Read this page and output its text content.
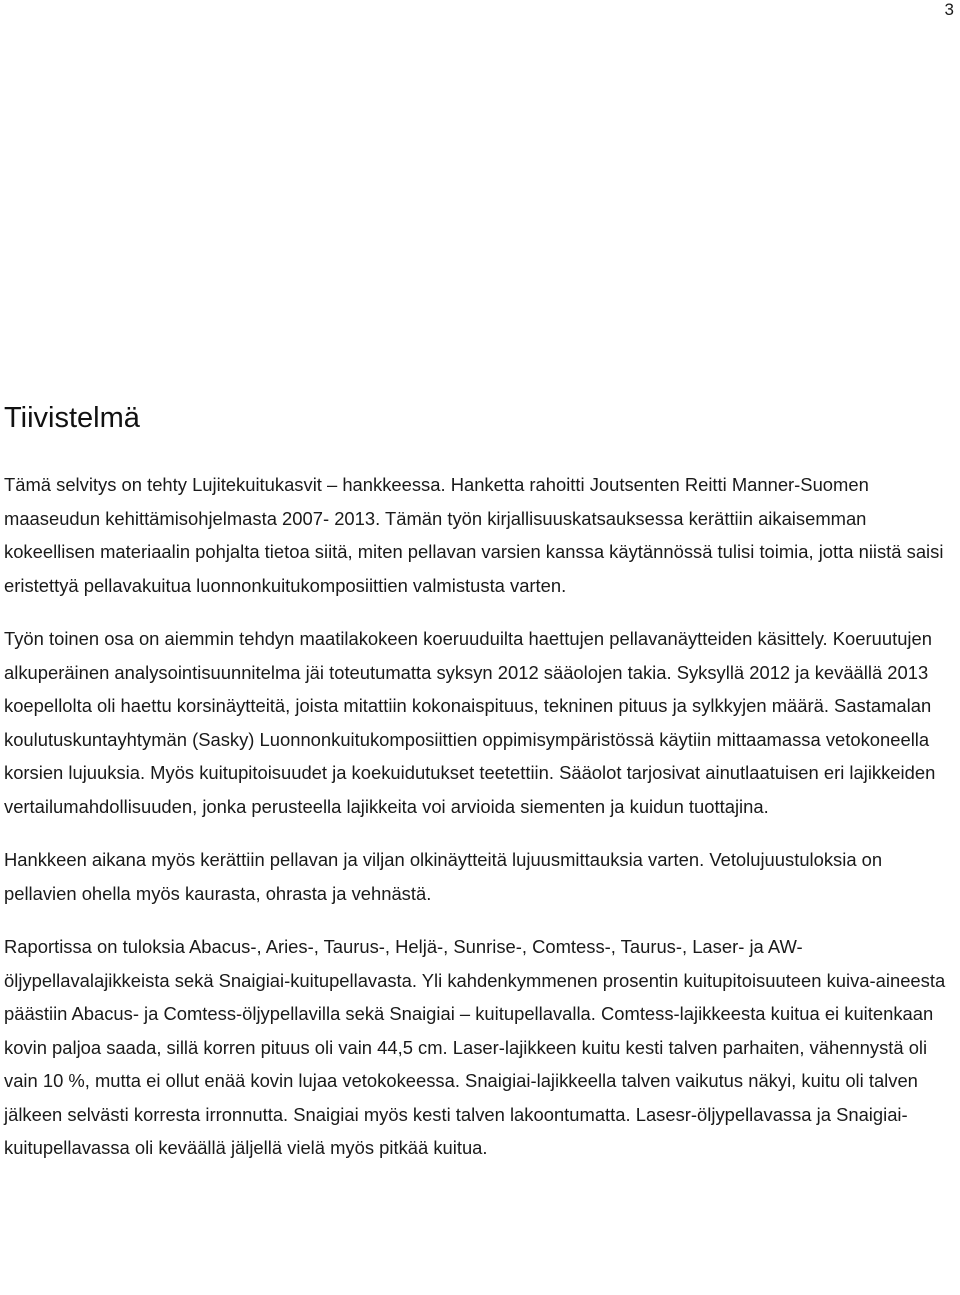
3
Tiivistelmä

Tämä selvitys on tehty Lujitekuitukasvit – hankkeessa. Hanketta rahoitti Joutsenten Reitti Manner-Suomen maaseudun kehittämisohjelmasta 2007- 2013. Tämän työn kirjallisuuskatsauksessa kerättiin aikaisemman kokeellisen materiaalin pohjalta tietoa siitä, miten pellavan varsien kanssa käytännössä tulisi toimia, jotta niistä saisi eristettyä pellavakuitua luonnonkuitukomposiittien valmistusta varten.

Työn toinen osa on aiemmin tehdyn maatilakokeen koeruuduilta haettujen pellavanäytteiden käsittely. Koeruutujen alkuperäinen analysointisuunnitelma jäi toteutumatta syksyn 2012 sääolojen takia. Syksyllä 2012 ja keväällä 2013 koepellolta oli haettu korsinäytteitä, joista mitattiin kokonaispituus, tekninen pituus ja sylkkyjen määrä. Sastamalan koulutuskuntayhtymän (Sasky) Luonnonkuitukomposiittien oppimisympäristössä käytiin mittaamassa vetokoneella korsien lujuuksia. Myös kuitupitoisuudet ja koekuidutukset teetettiin. Sääolot tarjosivat ainutlaatuisen eri lajikkeiden vertailumahdollisuuden, jonka perusteella lajikkeita voi arvioida siementen ja kuidun tuottajina.

Hankkeen aikana myös kerättiin pellavan ja viljan olkinäytteitä lujuusmittauksia varten. Vetolujuustuloksia on pellavien ohella myös kaurasta, ohrasta ja vehnästä.

Raportissa on tuloksia Abacus-, Aries-, Taurus-, Heljä-, Sunrise-, Comtess-, Taurus-, Laser- ja AW-öljypellavalajikkeista sekä Snaigiai-kuitupellavasta. Yli kahdenkymmenen prosentin kuitupitoisuuteen kuiva-aineesta päästiin Abacus- ja Comtess-öljypellavilla sekä Snaigiai – kuitupellavalla. Comtess-lajikkeesta kuitua ei kuitenkaan kovin paljoa saada, sillä korren pituus oli vain 44,5 cm. Laser-lajikkeen kuitu kesti talven parhaiten, vähennystä oli vain 10 %, mutta ei ollut enää kovin lujaa vetokokeessa. Snaigiai-lajikkeella talven vaikutus näkyi, kuitu oli talven jälkeen selvästi korresta irronnutta. Snaigiai myös kesti talven lakoontumatta. Lasesr-öljypellavassa ja Snaigiai-kuitupellavassa oli keväällä jäljellä vielä myös pitkää kuitua.
